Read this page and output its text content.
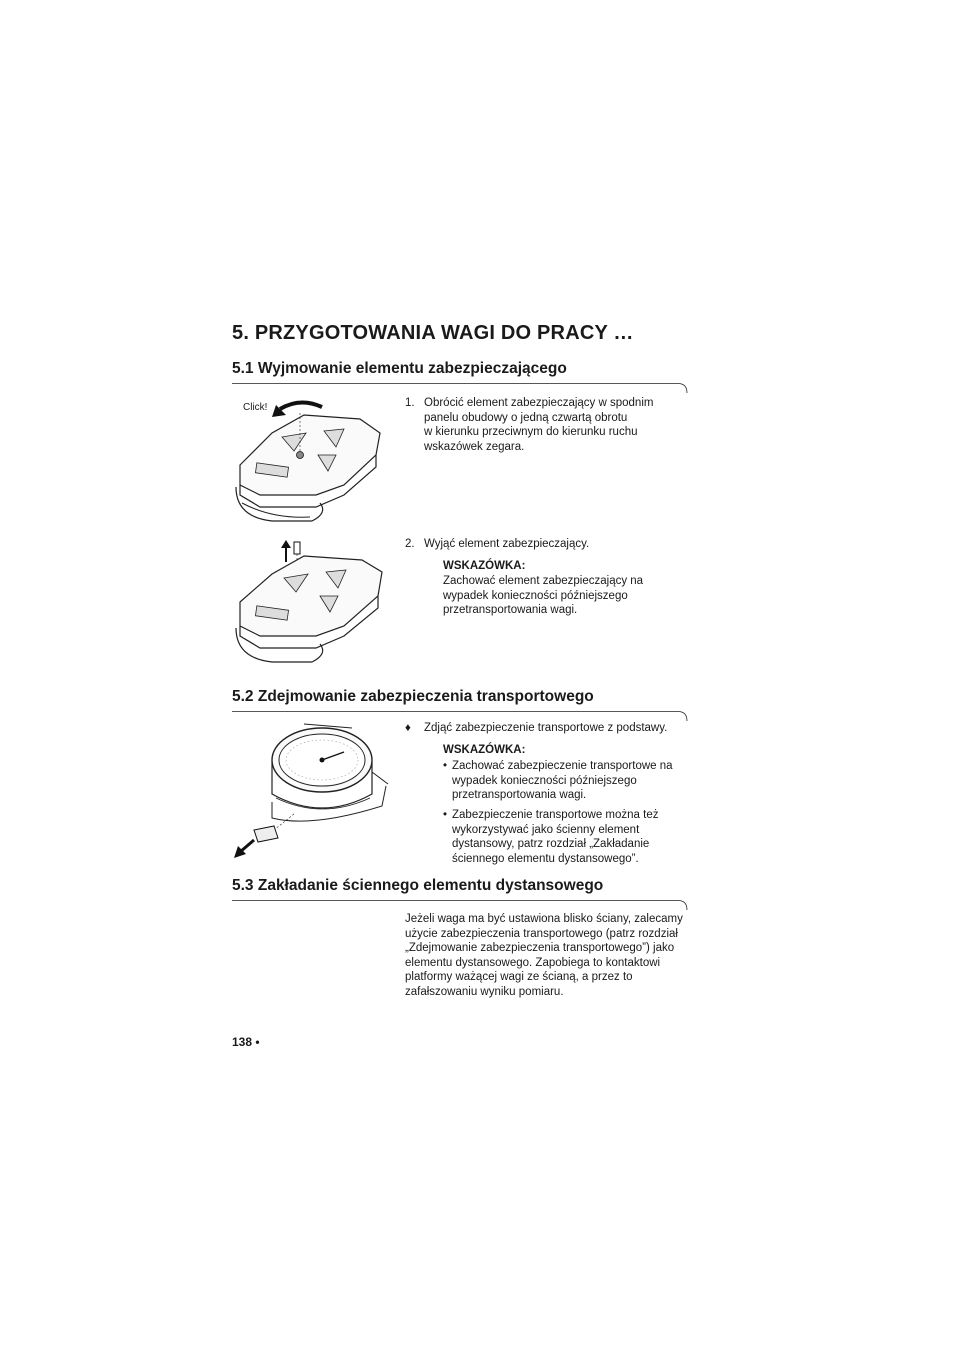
5. PRZYGOTOWANIA WAGI DO PRACY …
5.1 Wyjmowanie elementu zabezpieczającego
Click!	1. Obrócić element zabezpieczający w spodnim
panelu obudowy o jedną czwartą obrotu
w kierunku przeciwnym do kierunku ruchu
wskazówek zegara.
2. Wyjąć element zabezpieczający.
WSKAZÓWKA:
Zachować element zabezpieczający na
wypadek konieczności późniejszego
przetransportowania wagi.
5.2 Zdejmowanie zabezpieczenia transportowego
♦ Zdjąć zabezpieczenie transportowe z podstawy.
WSKAZÓWKA:
• Zachować zabezpieczenie transportowe na
wypadek konieczności późniejszego
przetransportowania wagi.
• Zabezpieczenie transportowe można też
wykorzystywać jako ścienny element
dystansowy, patrz rozdział „Zakładanie
ściennego elementu dystansowego”.
5.3 Zakładanie ściennego elementu dystansowego
Jeżeli waga ma być ustawiona blisko ściany, zalecamy
użycie zabezpieczenia transportowego (patrz rozdział
„Zdejmowanie zabezpieczenia transportowego”) jako
elementu dystansowego. Zapobiega to kontaktowi
platformy ważącej wagi ze ścianą, a przez to
zafałszowaniu wyniku pomiaru.
138 •
